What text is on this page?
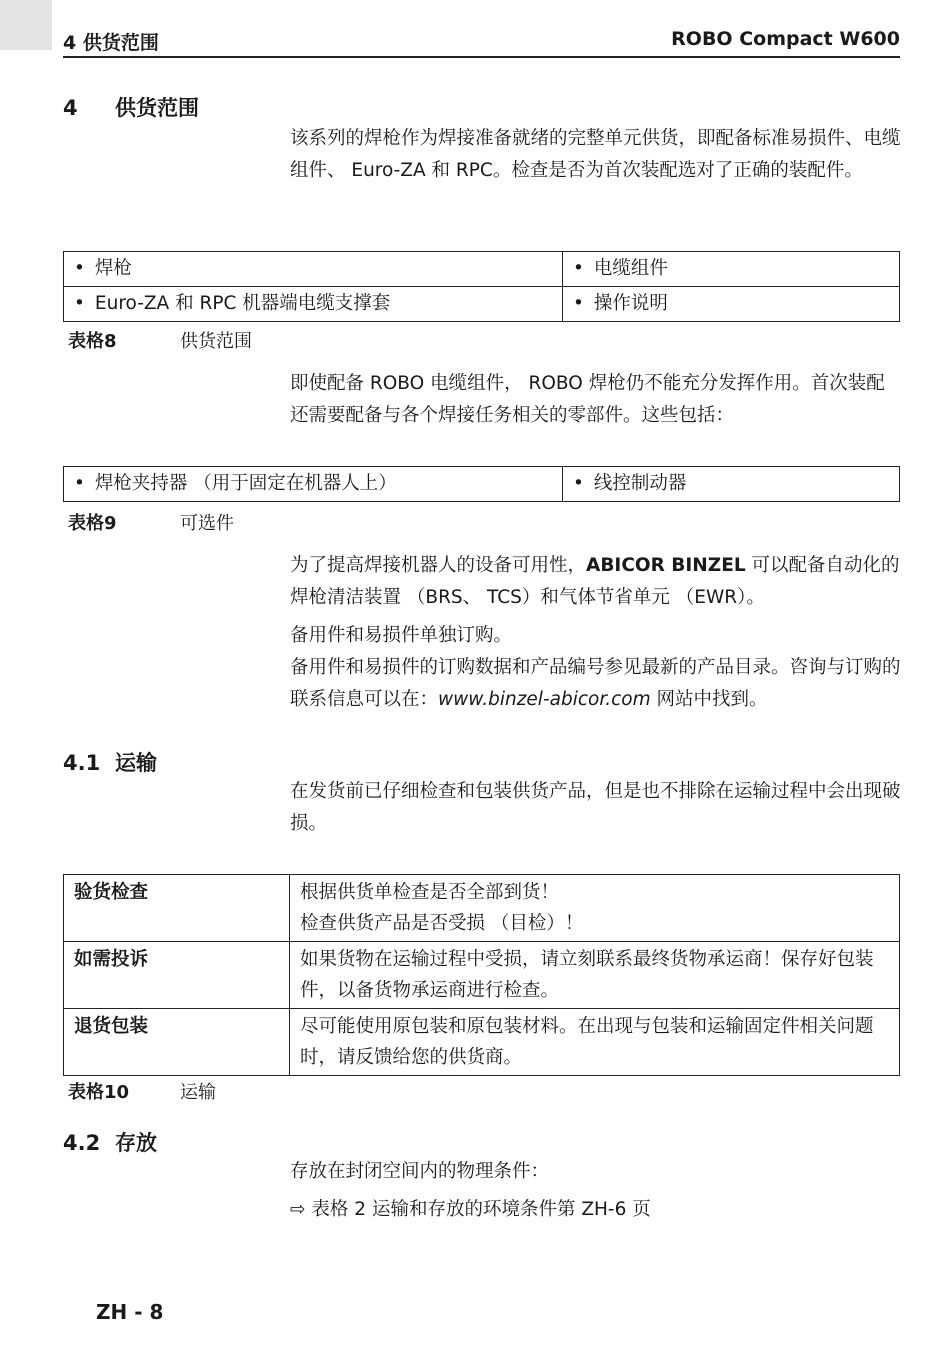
4 供货范围	ROBO Compact W600
4 供货范围

该系列的焊枪作为焊接准备就绪的完整单元供货，即配备标准易损件、电缆组件、 Euro-ZA 和 RPC。检查是否为首次装配选对了正确的装配件。

• 焊枪	• 电缆组件
• Euro-ZA 和 RPC 机器端电缆支撑套	• 操作说明
表格8	供货范围

即使配备 ROBO 电缆组件， ROBO 焊枪仍不能充分发挥作用。首次装配还需要配备与各个焊接任务相关的零部件。这些包括：

• 焊枪夹持器 （用于固定在机器人上）	•线控制动器
表格9	可选件

为了提高焊接机器人的设备可用性，ABICOR BINZEL 可以配备自动化的焊枪清洁装置 （BRS、 TCS）和气体节省单元 （EWR）。

备用件和易损件单独订购。

备用件和易损件的订购数据和产品编号参见最新的产品目录。咨询与订购的联系信息可以在：www.binzel-abicor.com 网站中找到。

4.1 运输

在发货前已仔细检查和包装供货产品，但是也不排除在运输过程中会出现破损。

验货检查	根据供货单检查是否全部到货！
检查供货产品是否受损 （目检）！
如需投诉	如果货物在运输过程中受损，请立刻联系最终货物承运商！保存好包装件，以备货物承运商进行检查。
退货包装	尽可能使用原包装和原包装材料。在出现与包装和运输固定件相关问题时，请反馈给您的供货商。
表格10	运输
4.2 存放

存放在封闭空间内的物理条件：

⇨ 表格 2 运输和存放的环境条件第 ZH-6 页

ZH - 8
